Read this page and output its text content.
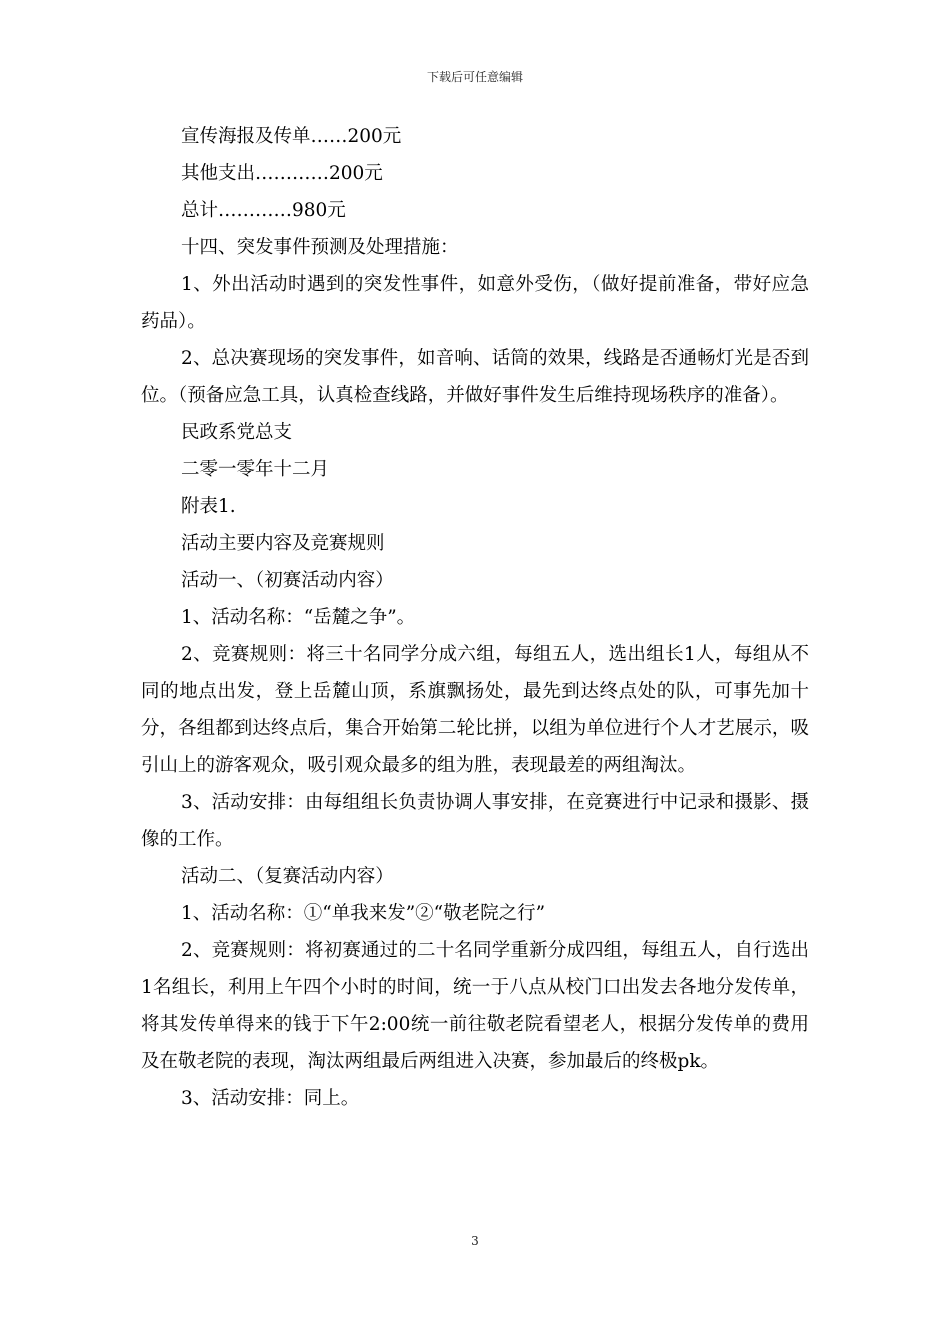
下载后可任意编辑

宣传海报及传单……200元

其他支出…………200元

总计…………980元

十四、突发事件预测及处理措施：

1、外出活动时遇到的突发性事件，如意外受伤，（做好提前准备，带好应急药品）。

2、总决赛现场的突发事件，如音响、话筒的效果，线路是否通畅灯光是否到位。（预备应急工具，认真检查线路，并做好事件发生后维持现场秩序的准备）。

民政系党总支

二零一零年十二月

附表1.

活动主要内容及竞赛规则

活动一、（初赛活动内容）

1、活动名称：“岳麓之争”。

2、竞赛规则：将三十名同学分成六组，每组五人，选出组长1人，每组从不同的地点出发，登上岳麓山顶，系旗飘扬处，最先到达终点处的队，可事先加十分，各组都到达终点后，集合开始第二轮比拼，以组为单位进行个人才艺展示，吸引山上的游客观众，吸引观众最多的组为胜，表现最差的两组淘汰。

3、活动安排：由每组组长负责协调人事安排，在竞赛进行中记录和摄影、摄像的工作。

活动二、（复赛活动内容）

1、活动名称：①“单我来发”②“敬老院之行”

2、竞赛规则：将初赛通过的二十名同学重新分成四组，每组五人，自行选出1名组长，利用上午四个小时的时间，统一于八点从校门口出发去各地分发传单，将其发传单得来的钱于下午2:00统一前往敬老院看望老人，根据分发传单的费用及在敬老院的表现，淘汰两组最后两组进入决赛，参加最后的终极pk。

3、活动安排：同上。

3
